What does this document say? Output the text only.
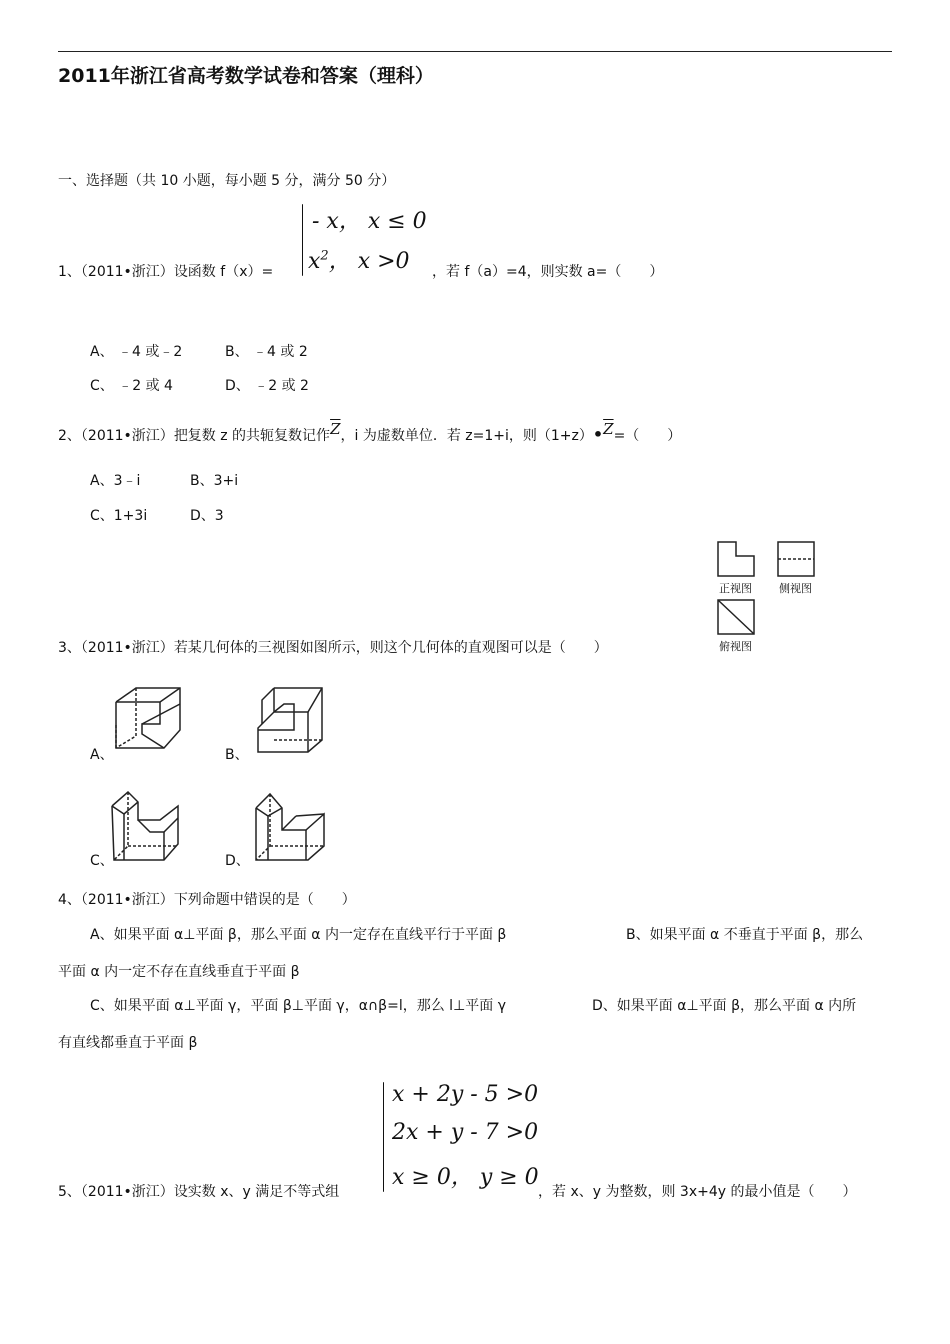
2011年浙江省高考数学试卷和答案（理科）
一、选择题（共 10 小题，每小题 5 分，满分 50 分）
1、（2011•浙江）设函数 f（x）=
- x， x ≤ 0
$x^2$， x >0 ，若 f（a）=4，则实数 a=（　　）
A、 ﹣4 或﹣2	B、 ﹣4 或 2
C、 ﹣2 或 4	D、 ﹣2 或 2
2、（2011•浙江）把复数 z 的共轭复数记作$\overline{Z}$，i 为虚数单位．若 z=1+i，则$(1+z)•\overline{Z}=$（　　）
A、3﹣i	B、3+i
C、1+3i	D、3
正视图 侧视图
俯视图
3、（2011•浙江）若某几何体的三视图如图所示，则这个几何体的直观图可以是（　　）
A、	B、
C、	D、
4、（2011•浙江）下列命题中错误的是（　　）
A、如果平面 α⊥平面 β，那么平面 α 内一定存在直线平行于平面 β	B、如果平面 α 不垂直于平面 β，那么
平面 α 内一定不存在直线垂直于平面 β
C、如果平面 α⊥平面 γ，平面 β⊥平面 γ，α∩β=l，那么 l⊥平面 γ	D、如果平面 α⊥平面 β，那么平面 α 内所
有直线都垂直于平面 β
5、（2011•浙江）设实数 x、y 满足不等式组
x + 2y - 5 >0
2x + y - 7 >0
x ≥ 0， y ≥ 0
，若 x、y 为整数，则 3x+4y 的最小值是（　　）
